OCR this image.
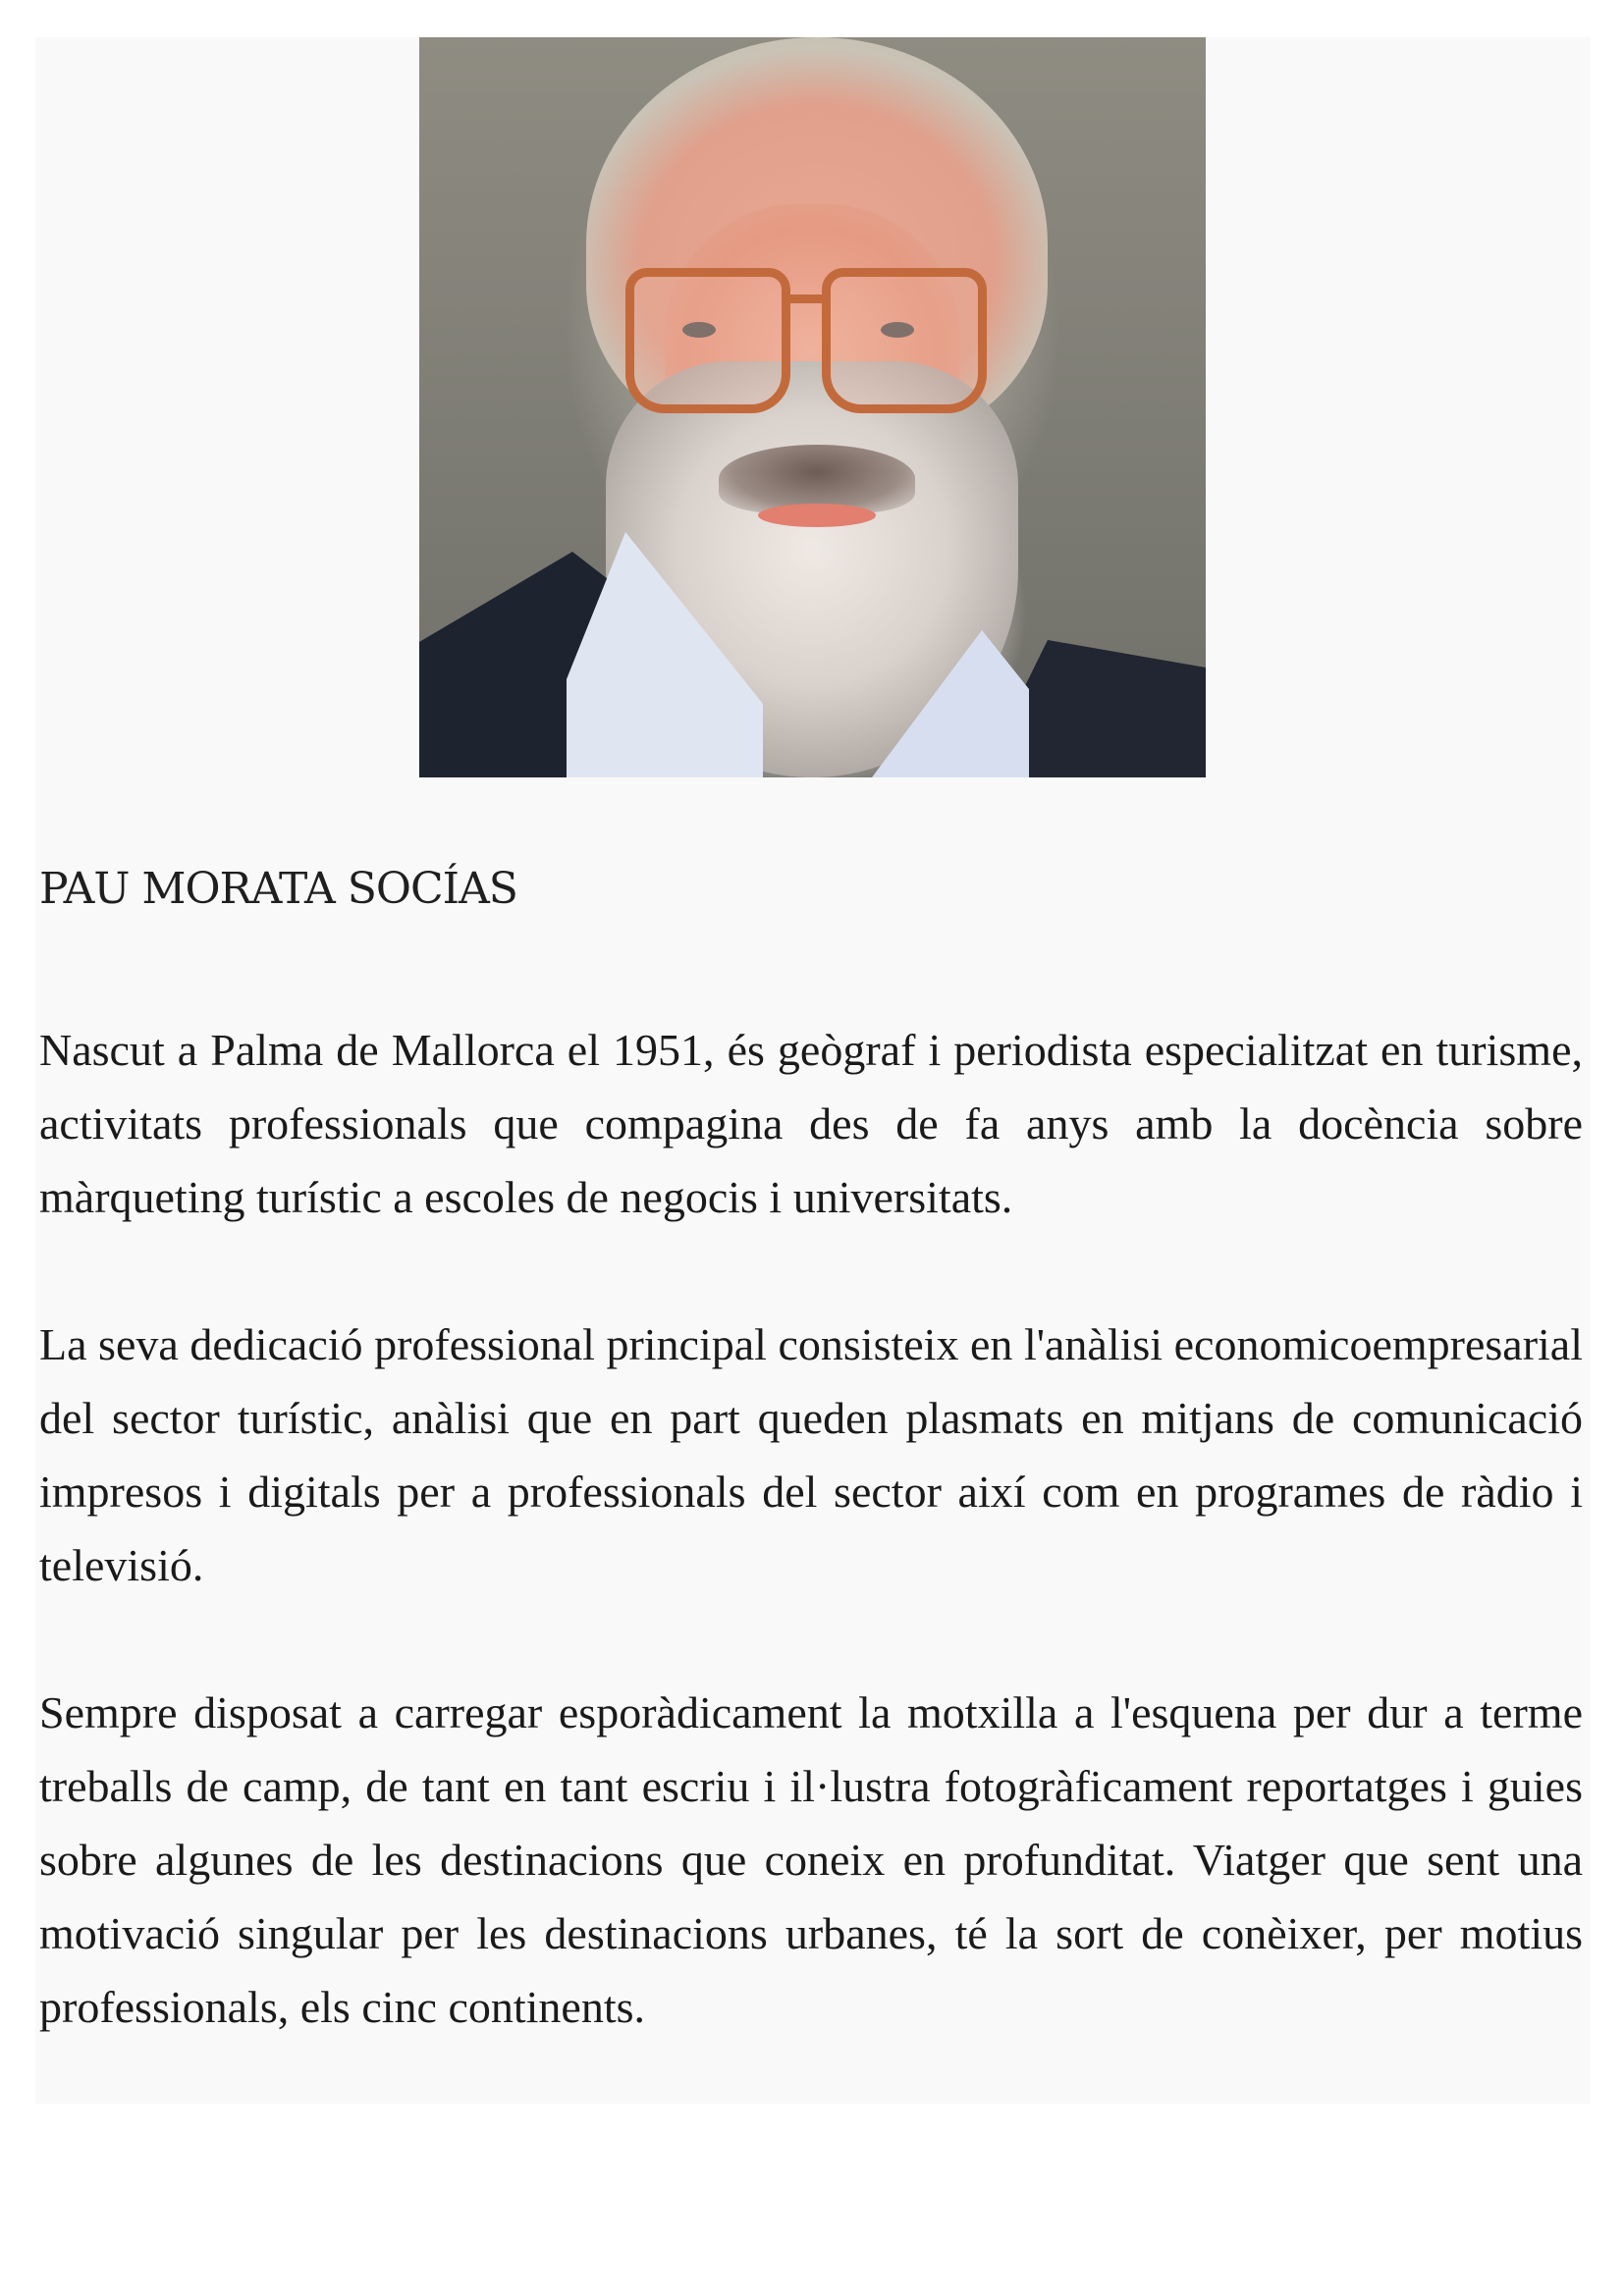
PAU MORATA SOCÍAS

Nascut a Palma de Mallorca el 1951, és geògraf i periodista especialitzat en turisme, activitats professionals que compagina des de fa anys amb la docència sobre màrqueting turístic a escoles de negocis i universitats.

La seva dedicació professional principal consisteix en l'anàlisi economicoempresarial del sector turístic, anàlisi que en part queden plasmats en mitjans de comunicació impresos i digitals per a professionals del sector així com en programes de ràdio i televisió.

Sempre disposat a carregar esporàdicament la motxilla a l'esquena per dur a terme treballs de camp, de tant en tant escriu i il·lustra fotogràficament reportatges i guies sobre algunes de les destinacions que coneix en profunditat. Viatger que sent una motivació singular per les destinacions urbanes, té la sort de conèixer, per motius professionals, els cinc continents.
